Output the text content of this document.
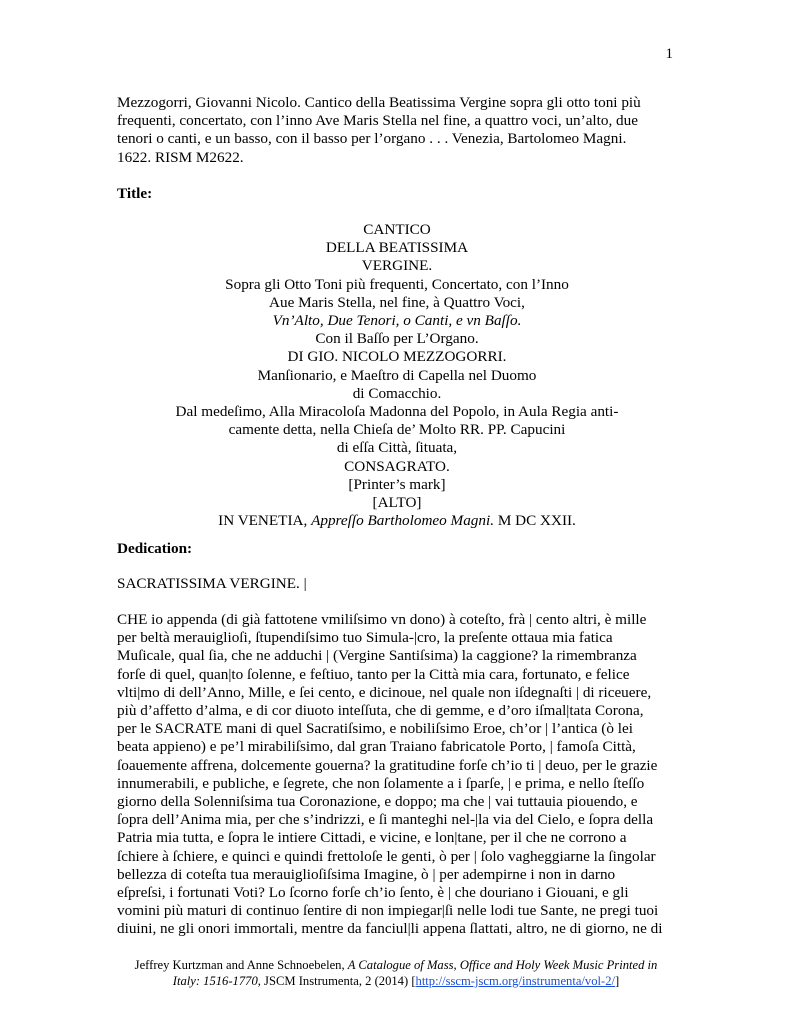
1
Mezzogorri, Giovanni Nicolo. Cantico della Beatissima Vergine sopra gli otto toni più
frequenti, concertato, con l’inno Ave Maris Stella nel fine, a quattro voci, un’alto, due
tenori o canti, e un basso, con il basso per l’organo . . . Venezia, Bartolomeo Magni.
1622. RISM M2622.
Title:
CANTICO
DELLA BEATISSIMA
VERGINE.
Sopra gli Otto Toni più frequenti, Concertato, con l’Inno
Aue Maris Stella, nel fine, à Quattro Voci,
Vn’Alto, Due Tenori, o Canti, e vn Baſſo.
Con il Baſſo per L’Organo.
DI GIO. NICOLO MEZZOGORRI.
Manſionario, e Maeſtro di Capella nel Duomo
di Comacchio.
Dal medeſimo, Alla Miracoloſa Madonna del Popolo, in Aula Regia anti-
camente detta, nella Chieſa de’ Molto RR. PP. Capucini
di eſſa Città, ſituata,
CONSAGRATO.
[Printer’s mark]
[ALTO]
IN VENETIA, Appreſſo Bartholomeo Magni. M DC XXII.
Dedication:
SACRATISSIMA VERGINE. |
CHE io appenda (di già fattotene vmiliſsimo vn dono) à coteſto, frà | cento altri, è mille
per beltà merauiglioſi, ſtupendiſsimo tuo Simula-|cro, la preſente ottaua mia fatica
Muſicale, qual ſia, che ne adduchi | (Vergine Santiſsima) la caggione? la rimembranza
forſe di quel, quan|to ſolenne, e feſtiuo, tanto per la Città mia cara, fortunato, e felice
vlti|mo di dell’Anno, Mille, e ſei cento, e dicinoue, nel quale non iſdegnaſti | di riceuere,
più d’affetto d’alma, e di cor diuoto inteſſuta, che di gemme, e d’oro iſmal|tata Corona,
per le SACRATE mani di quel Sacratiſsimo, e nobiliſsimo Eroe, ch’or | l’antica (ò lei
beata appieno) e pe’l mirabiliſsimo, dal gran Traiano fabricatole Porto, | famoſa Città,
ſoauemente affrena, dolcemente gouerna? la gratitudine forſe ch’io ti | deuo, per le grazie
innumerabili, e publiche, e ſegrete, che non ſolamente a i ſparſe, | e prima, e nello ſteſſo
giorno della Solenniſsima tua Coronazione, e doppo; ma che | vai tuttauia piouendo, e
ſopra dell’Anima mia, per che s’indrizzi, e ſi manteghi nel-|la via del Cielo, e ſopra della
Patria mia tutta, e ſopra le intiere Cittadi, e vicine, e lon|tane, per il che ne corrono a
ſchiere à ſchiere, e quinci e quindi frettoloſe le genti, ò per | ſolo vagheggiarne la ſingolar
bellezza di coteſta tua merauiglioſiſsima Imagine, ò | per adempirne i non in darno
eſpreſsi, i fortunati Voti? Lo ſcorno forſe ch’io ſento, è | che douriano i Giouani, e gli
vomini più maturi di continuo ſentire di non impiegar|ſi nelle lodi tue Sante, ne pregi tuoi
diuini, ne gli onori immortali, mentre da fanciul|li appena ſlattati, altro, ne di giorno, ne di
Jeffrey Kurtzman and Anne Schnoebelen, A Catalogue of Mass, Office and Holy Week Music Printed in
Italy: 1516-1770, JSCM Instrumenta, 2 (2014) [http://sscm-jscm.org/instrumenta/vol-2/]
